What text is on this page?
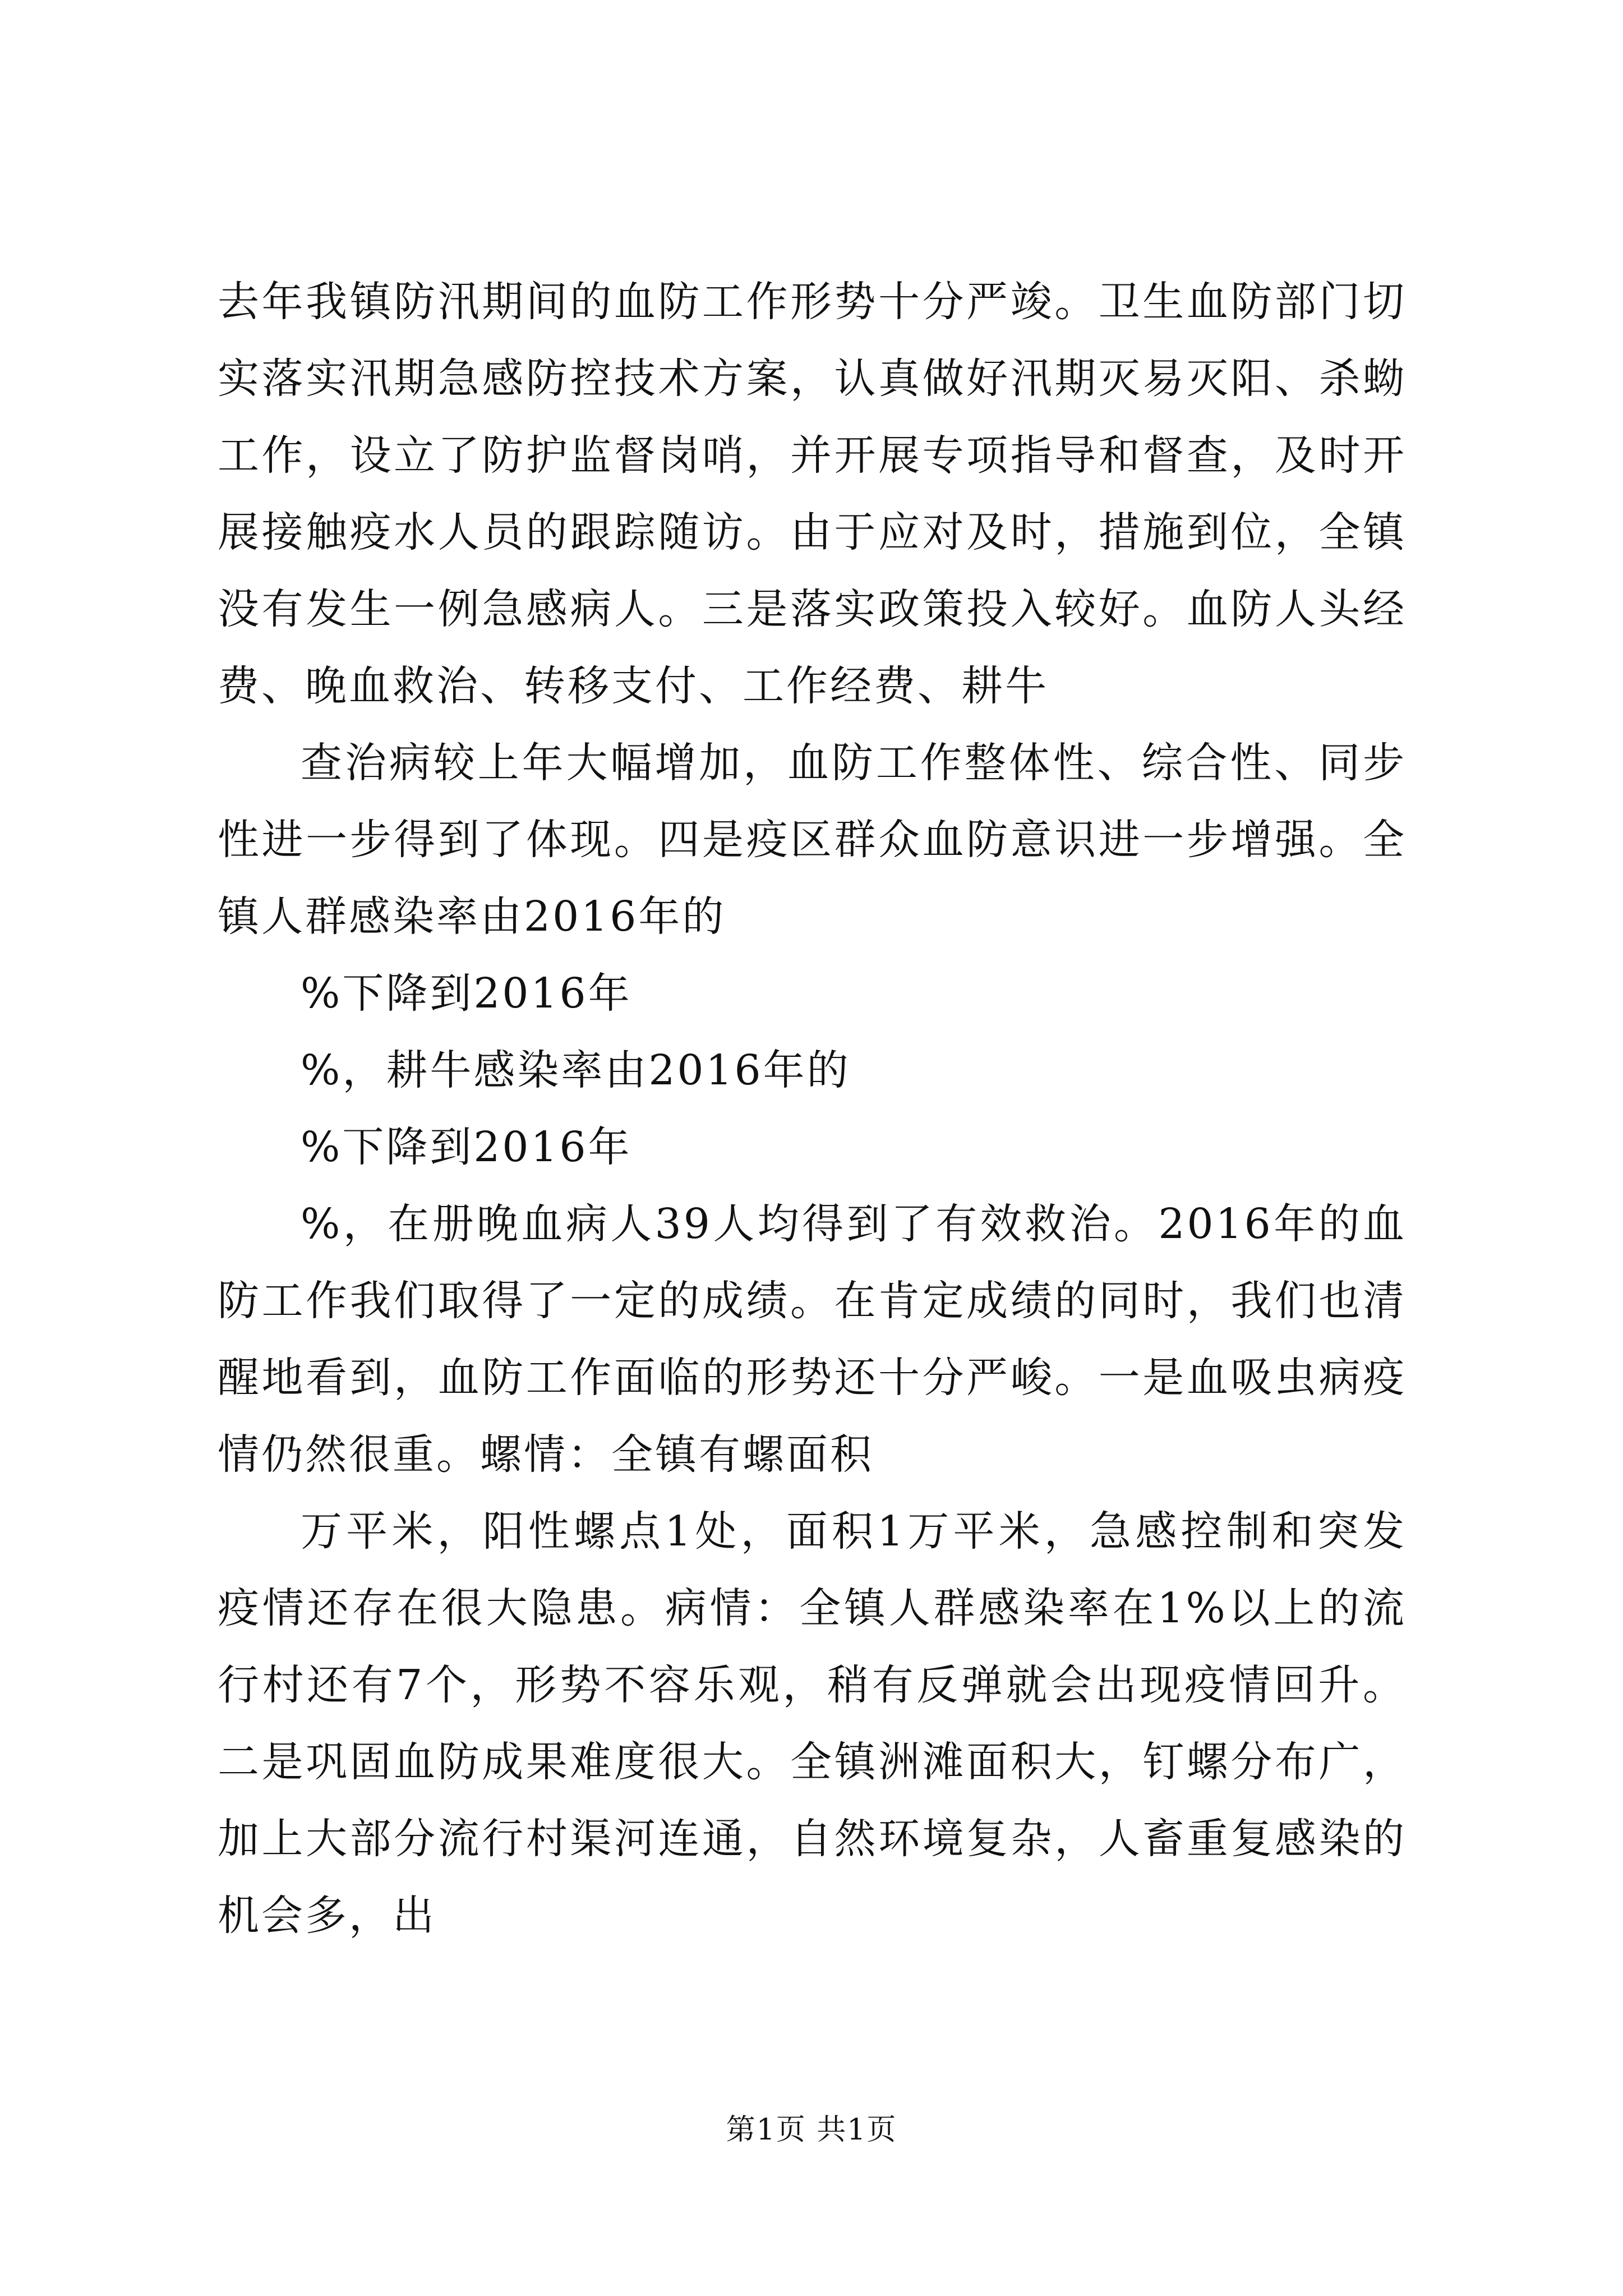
去年我镇防汛期间的血防工作形势十分严竣。卫生血防部门切实落实汛期急感防控技术方案，认真做好汛期灭易灭阳、杀蚴工作，设立了防护监督岗哨，并开展专项指导和督查，及时开展接触疫水人员的跟踪随访。由于应对及时，措施到位，全镇没有发生一例急感病人。三是落实政策投入较好。血防人头经费、晚血救治、转移支付、工作经费、耕牛

查治病较上年大幅增加，血防工作整体性、综合性、同步性进一步得到了体现。四是疫区群众血防意识进一步增强。全镇人群感染率由2016年的

%下降到2016年

%，耕牛感染率由2016年的

%下降到2016年

%，在册晚血病人39人均得到了有效救治。2016年的血防工作我们取得了一定的成绩。在肯定成绩的同时，我们也清醒地看到，血防工作面临的形势还十分严峻。一是血吸虫病疫情仍然很重。螺情：全镇有螺面积

万平米，阳性螺点1处，面积1万平米，急感控制和突发疫情还存在很大隐患。病情：全镇人群感染率在1%以上的流行村还有7个，形势不容乐观，稍有反弹就会出现疫情回升。二是巩固血防成果难度很大。全镇洲滩面积大，钉螺分布广，加上大部分流行村渠河连通，自然环境复杂，人畜重复感染的机会多，出

第1页 共1页
